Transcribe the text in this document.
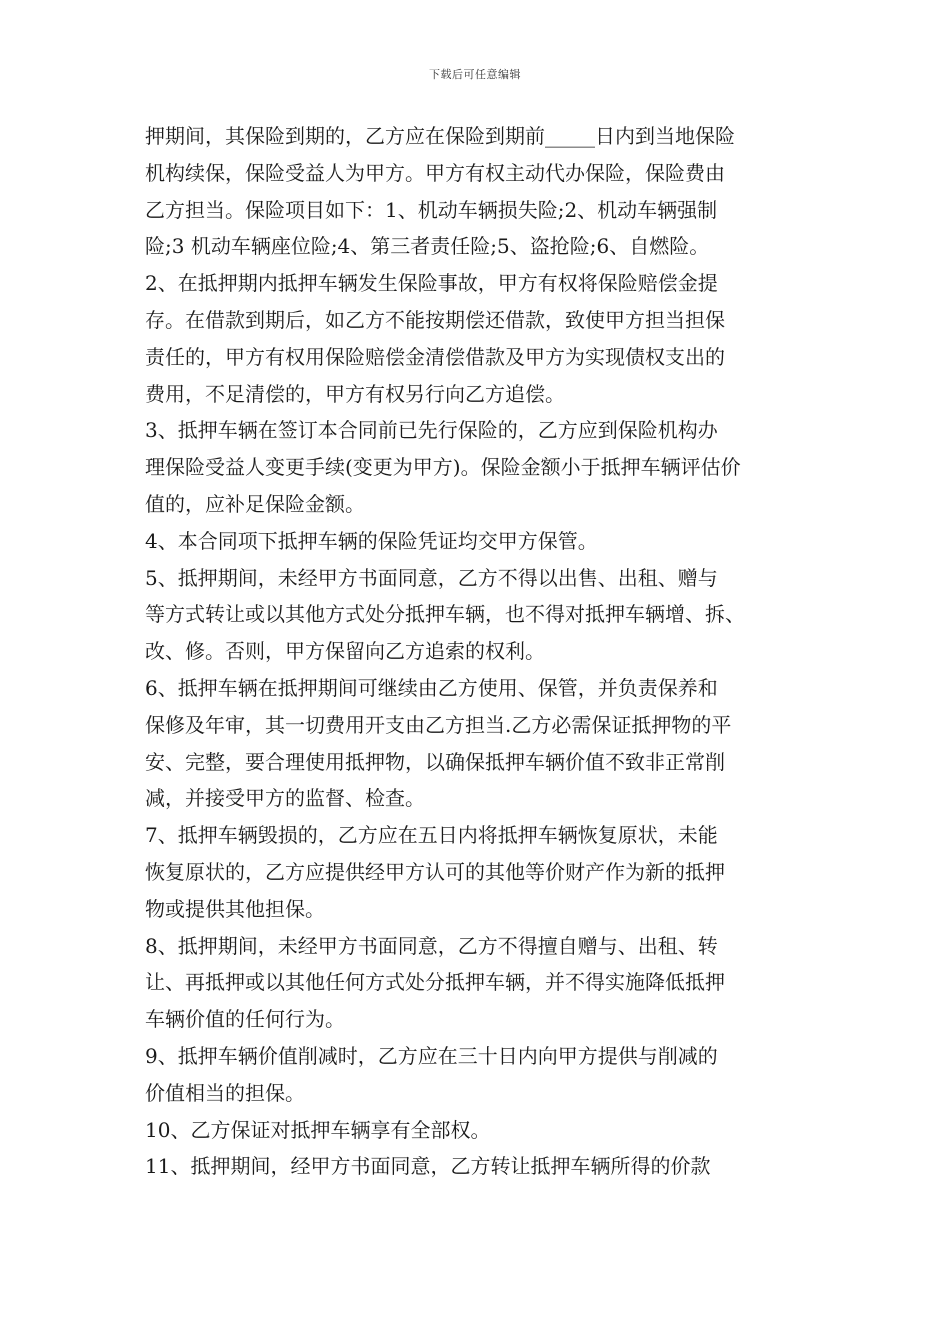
下载后可任意编辑

押期间，其保险到期的，乙方应在保险到期前_____日内到当地保险
机构续保，保险受益人为甲方。甲方有权主动代办保险，保险费由
乙方担当。保险项目如下：1、机动车辆损失险;2、机动车辆强制
险;3 机动车辆座位险;4、第三者责任险;5、盗抢险;6、自燃险。

2、在抵押期内抵押车辆发生保险事故，甲方有权将保险赔偿金提
存。在借款到期后，如乙方不能按期偿还借款，致使甲方担当担保
责任的，甲方有权用保险赔偿金清偿借款及甲方为实现债权支出的
费用，不足清偿的，甲方有权另行向乙方追偿。

3、抵押车辆在签订本合同前已先行保险的，乙方应到保险机构办
理保险受益人变更手续(变更为甲方)。保险金额小于抵押车辆评估价
值的，应补足保险金额。

4、本合同项下抵押车辆的保险凭证均交甲方保管。

5、抵押期间，未经甲方书面同意，乙方不得以出售、出租、赠与
等方式转让或以其他方式处分抵押车辆，也不得对抵押车辆增、拆、
改、修。否则，甲方保留向乙方追索的权利。

6、抵押车辆在抵押期间可继续由乙方使用、保管，并负责保养和
保修及年审，其一切费用开支由乙方担当.乙方必需保证抵押物的平
安、完整，要合理使用抵押物，以确保抵押车辆价值不致非正常削
减，并接受甲方的监督、检查。

7、抵押车辆毁损的，乙方应在五日内将抵押车辆恢复原状，未能
恢复原状的，乙方应提供经甲方认可的其他等价财产作为新的抵押
物或提供其他担保。

8、抵押期间，未经甲方书面同意，乙方不得擅自赠与、出租、转
让、再抵押或以其他任何方式处分抵押车辆，并不得实施降低抵押
车辆价值的任何行为。

9、抵押车辆价值削减时，乙方应在三十日内向甲方提供与削减的
价值相当的担保。

10、乙方保证对抵押车辆享有全部权。

11、抵押期间，经甲方书面同意，乙方转让抵押车辆所得的价款
